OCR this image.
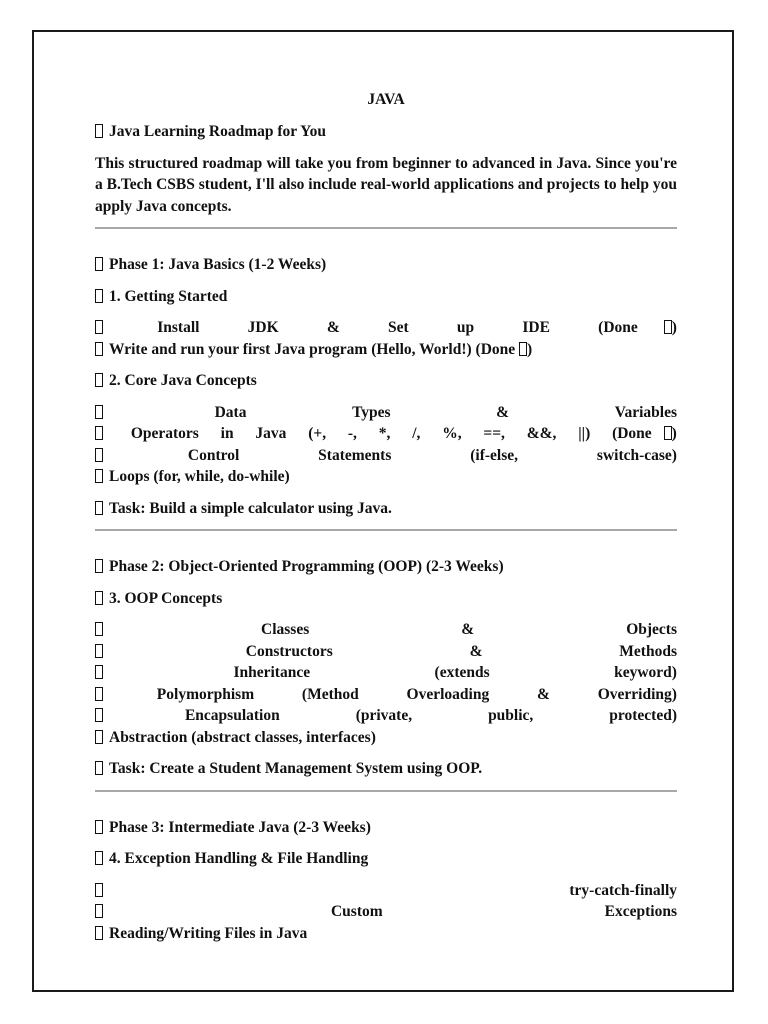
JAVA
Java Learning Roadmap for You
This structured roadmap will take you from beginner to advanced in Java. Since you're a B.Tech CSBS student, I'll also include real-world applications and projects to help you apply Java concepts.
Phase 1: Java Basics (1-2 Weeks)
1. Getting Started
Install	JDK	&	Set	up	IDE	(Done )
Write and run your first Java program (Hello, World!) (Done )
2. Core Java Concepts
Data	Types	&	Variables
Operators in Java (+, -, *, /, %, ==, &&, ||) (Done )
Control	Statements	(if-else,	switch-case)
Loops (for, while, do-while)
Task: Build a simple calculator using Java.
Phase 2: Object-Oriented Programming (OOP) (2-3 Weeks)
3. OOP Concepts
Classes	&	Objects
Constructors	&	Methods
Inheritance	(extends	keyword)
Polymorphism	(Method	Overloading	&	Overriding)
Encapsulation	(private,	public,	protected)
Abstraction (abstract classes, interfaces)
Task: Create a Student Management System using OOP.
Phase 3: Intermediate Java (2-3 Weeks)
4. Exception Handling & File Handling
try-catch-finally
Custom	Exceptions
Reading/Writing Files in Java
